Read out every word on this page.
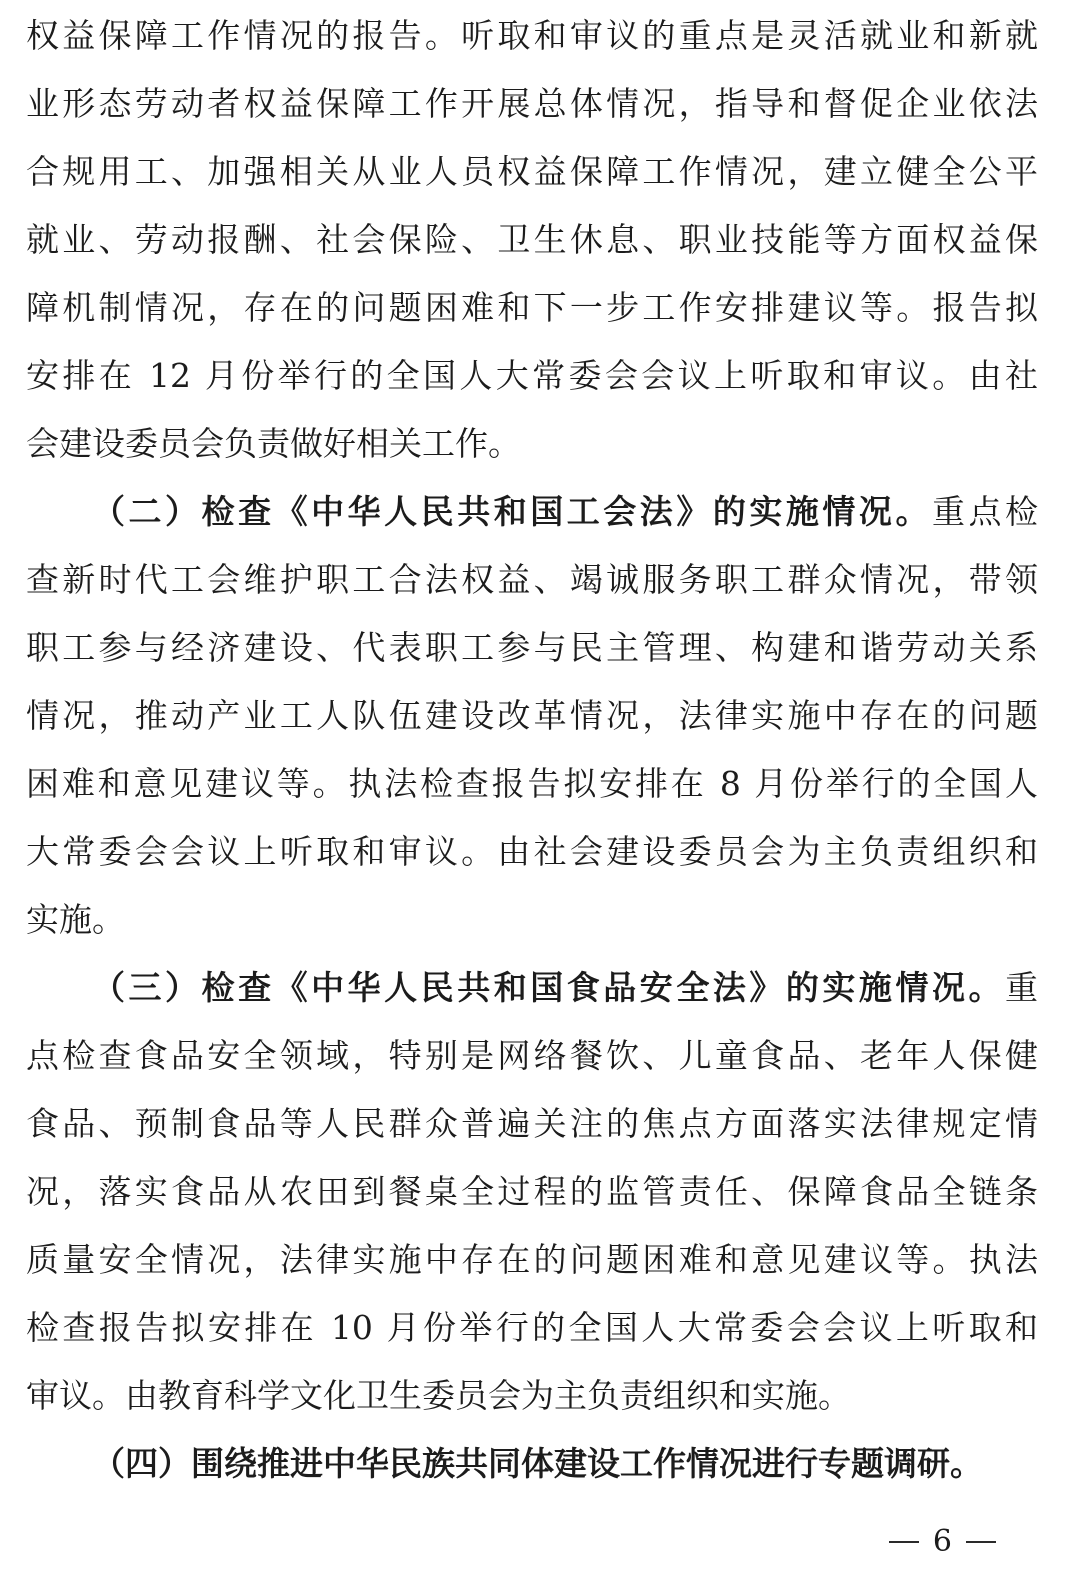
权益保障工作情况的报告。听取和审议的重点是灵活就业和新就
业形态劳动者权益保障工作开展总体情况，指导和督促企业依法
合规用工、加强相关从业人员权益保障工作情况，建立健全公平
就业、劳动报酬、社会保险、卫生休息、职业技能等方面权益保
障机制情况，存在的问题困难和下一步工作安排建议等。报告拟
安排在 12 月份举行的全国人大常委会会议上听取和审议。由社
会建设委员会负责做好相关工作。
（二）检查《中华人民共和国工会法》的实施情况。重点检
查新时代工会维护职工合法权益、竭诚服务职工群众情况，带领
职工参与经济建设、代表职工参与民主管理、构建和谐劳动关系
情况，推动产业工人队伍建设改革情况，法律实施中存在的问题
困难和意见建议等。执法检查报告拟安排在 8 月份举行的全国人
大常委会会议上听取和审议。由社会建设委员会为主负责组织和
实施。
（三）检查《中华人民共和国食品安全法》的实施情况。重
点检查食品安全领域，特别是网络餐饮、儿童食品、老年人保健
食品、预制食品等人民群众普遍关注的焦点方面落实法律规定情
况，落实食品从农田到餐桌全过程的监管责任、保障食品全链条
质量安全情况，法律实施中存在的问题困难和意见建议等。执法
检查报告拟安排在 10 月份举行的全国人大常委会会议上听取和
审议。由教育科学文化卫生委员会为主负责组织和实施。
（四）围绕推进中华民族共同体建设工作情况进行专题调研。
6
